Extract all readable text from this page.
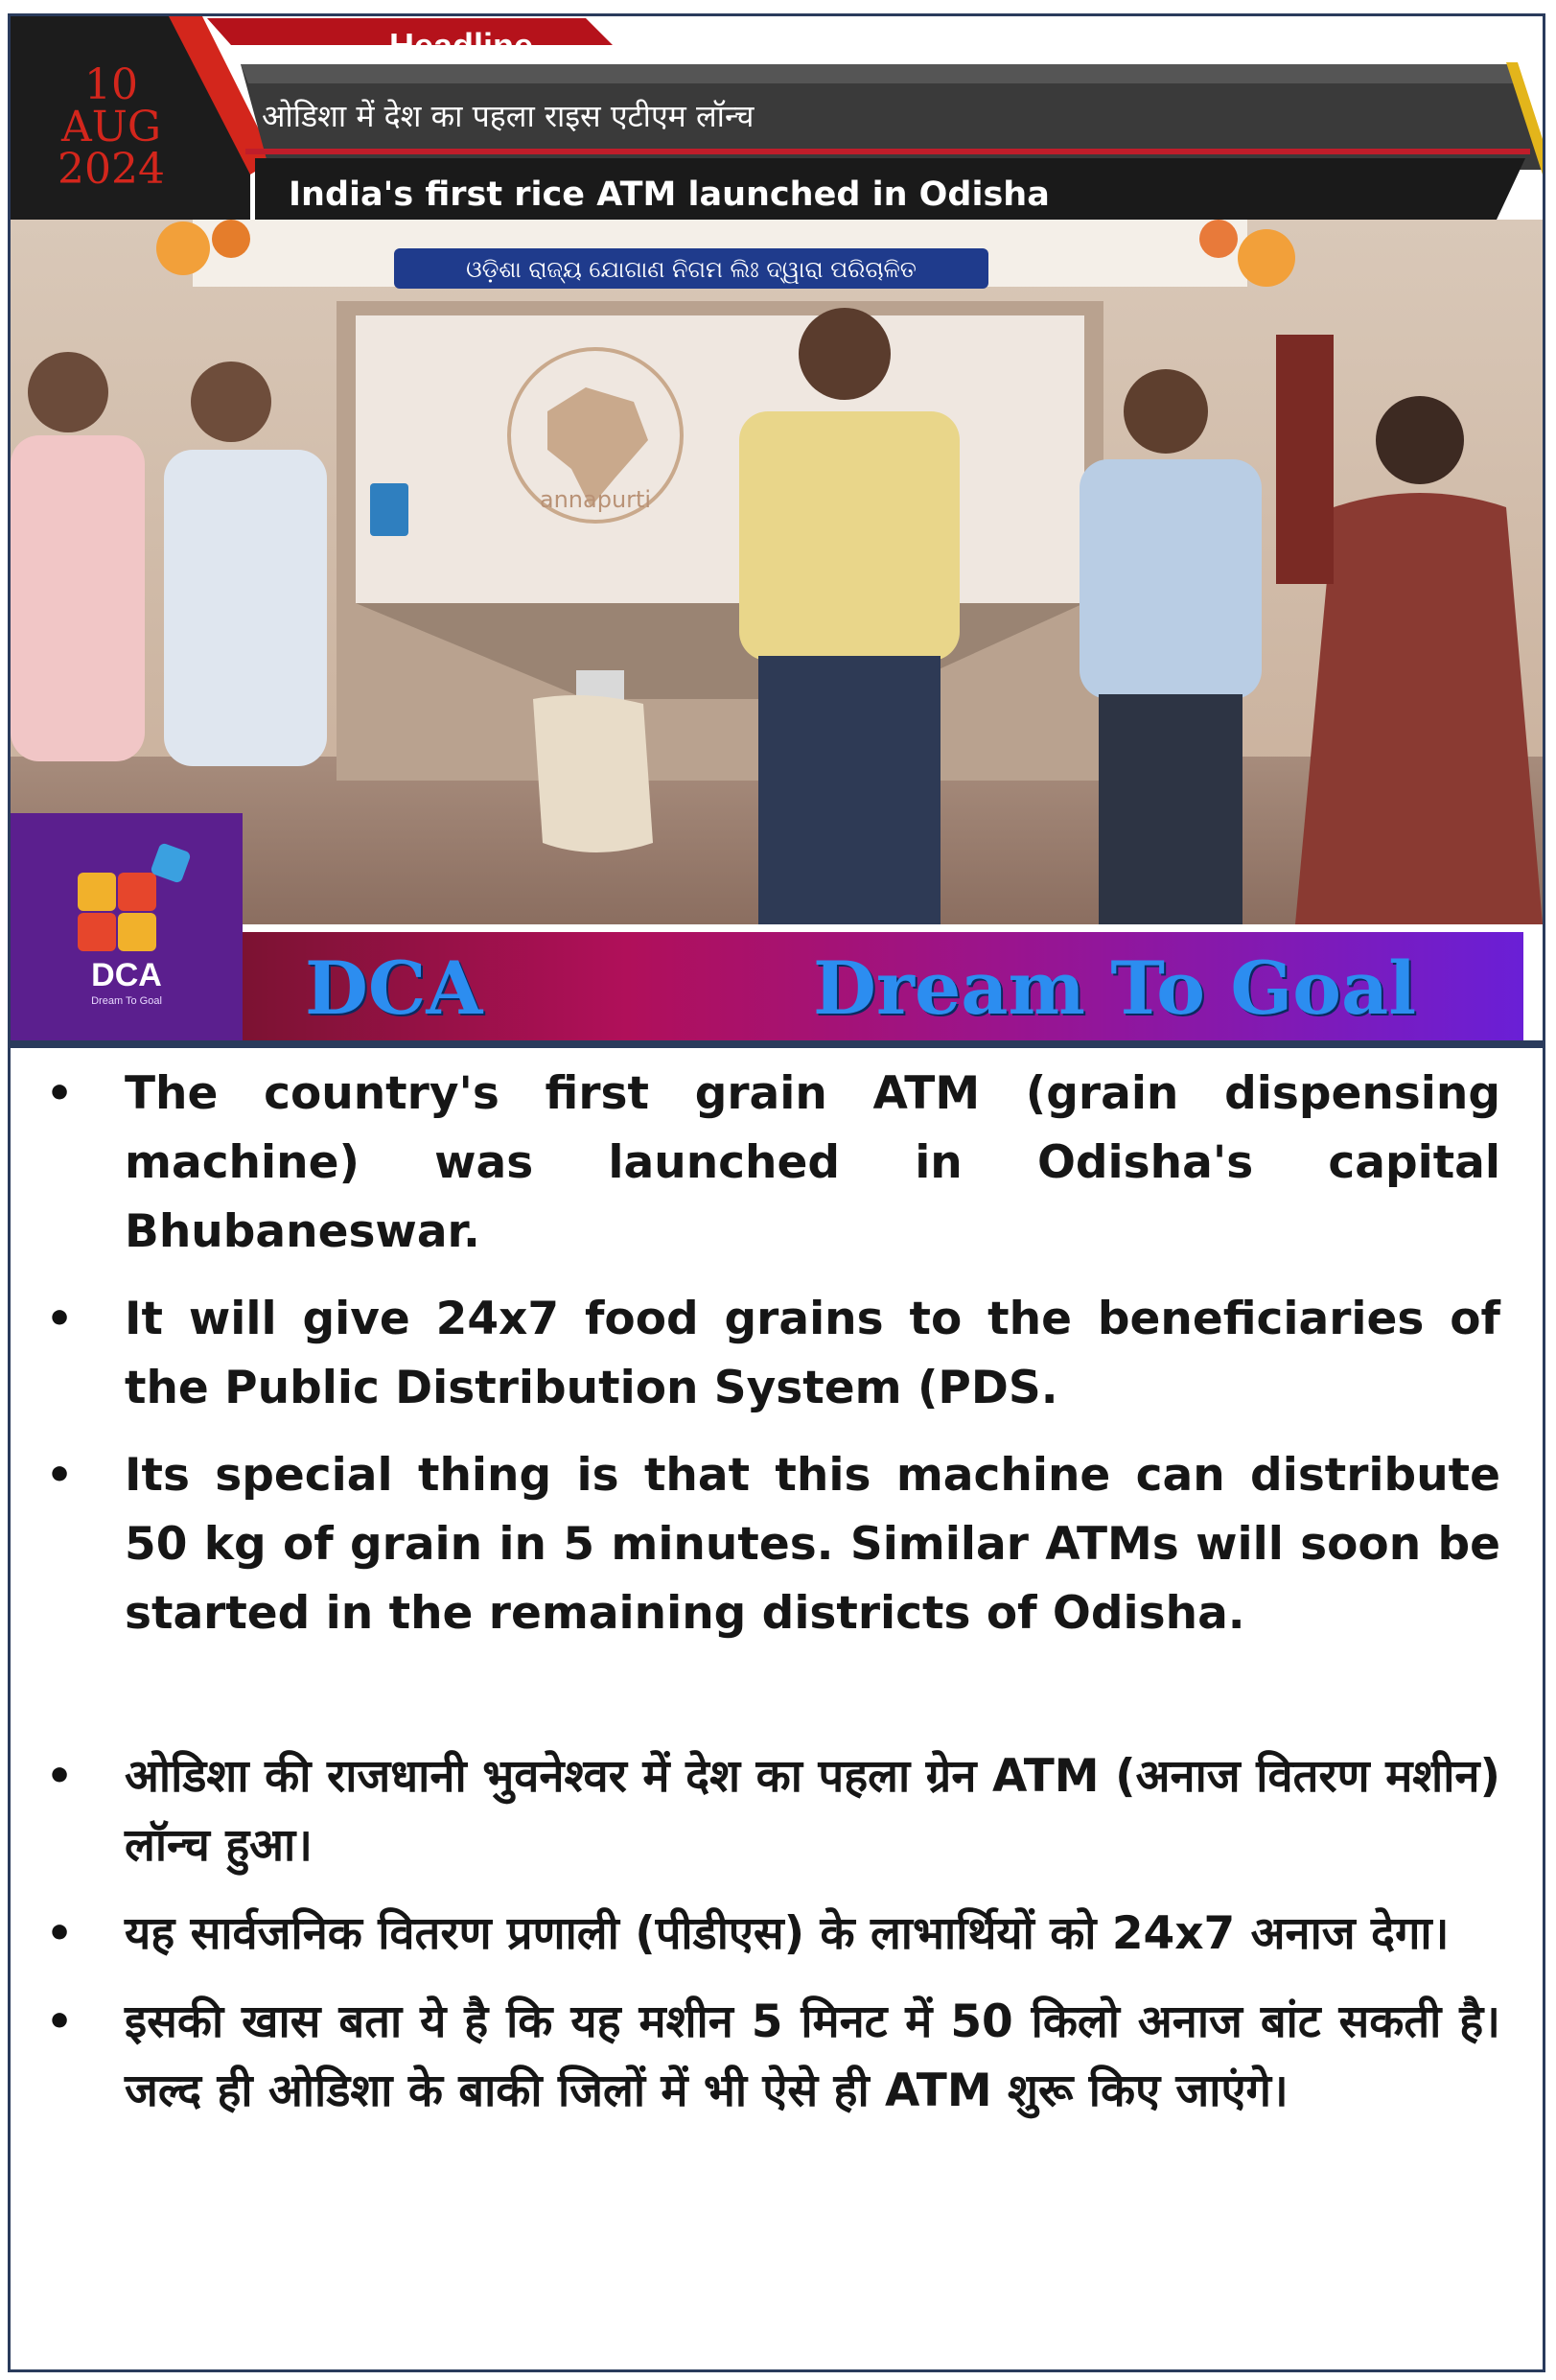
10
AUG
2024
Headline
ओडिशा में देश का पहला राइस एटीएम लॉन्च
India's first rice ATM launched in Odisha
ଓଡ଼ିଶା ରାଜ୍ୟ ଯୋଗାଣ ନିଗମ ଲିଃ ଦ୍ୱାରା ପରିଚାଳିତ
annapurti
DCA
Dream To Goal	DCA	Dream To Goal
• The country's first grain ATM (grain dispensing machine) was launched in Odisha's capital Bhubaneswar.
• It will give 24x7 food grains to the beneficiaries of the Public Distribution System (PDS.
• Its special thing is that this machine can distribute 50 kg of grain in 5 minutes. Similar ATMs will soon be started in the remaining districts of Odisha.
• ओडिशा की राजधानी भुवनेश्वर में देश का पहला ग्रेन ATM (अनाज वितरण मशीन) लॉन्च हुआ।
• यह सार्वजनिक वितरण प्रणाली (पीडीएस) के लाभार्थियों को 24x7 अनाज देगा।
• इसकी खास बता ये है कि यह मशीन 5 मिनट में 50 किलो अनाज बांट सकती है। जल्द ही ओडिशा के बाकी जिलों में भी ऐसे ही ATM शुरू किए जाएंगे।
